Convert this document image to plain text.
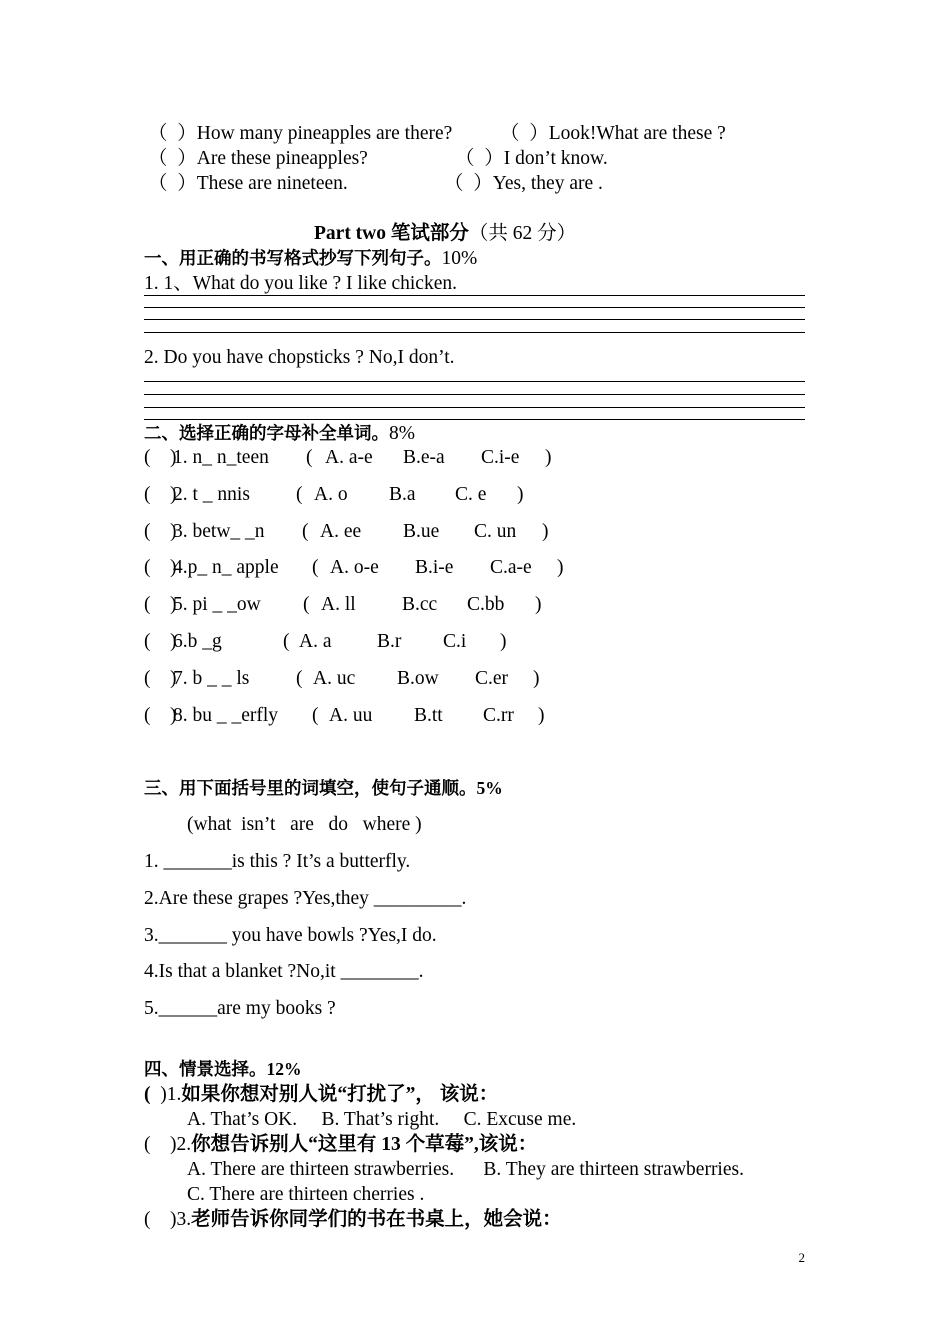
（  ）How many pineapples are there? （  ）Look!What are these ?
（  ）Are these pineapples?	（  ）I don’t know.
（  ）These are nineteen.	（  ）Yes, they are .
Part two 笔试部分（共 62 分）
一、用正确的书写格式抄写下列句子。10%
1. 1、What do you like ? I like chicken.
2. Do you have chopsticks ? No,I don’t.
二、选择正确的字母补全单词。8%
(    )
1. n_ n_teen ( A. a-e B.e-a C.i-e )
(    )
2. t _ nnis ( A. o B.a C. e )
(    )
3. betw_ _n ( A. ee B.ue C. un )
(    )
4.p_ n_ apple ( A. o-e B.i-e C.a-e )
(    )
5. pi _ _ow ( A. ll B.cc C.bb )
(    )
6.b _g	( A. a B.r C.i )
(    )
7. b _ _ ls ( A. uc B.ow C.er )
(    )
8. bu _ _erfly ( A. uu B.tt C.rr )
三、用下面括号里的词填空，使句子通顺。5%
(what  isn’t   are   do   where )
1. _______is this ? It’s a butterfly.
2.Are these grapes ?Yes,they _________.
3._______ you have bowls ?Yes,I do.
4.Is that a blanket ?No,it ________.
5.______are my books ?
四、情景选择。12%
(  )1.如果你想对别人说“打扰了”， 该说：
A. That’s OK.     B. That’s right.     C. Excuse me.
(    )2.你想告诉别人“这里有 13 个草莓”,该说：
A. There are thirteen strawberries.      B. They are thirteen strawberries.
C. There are thirteen cherries .
(    )3.老师告诉你同学们的书在书桌上，她会说：
2
